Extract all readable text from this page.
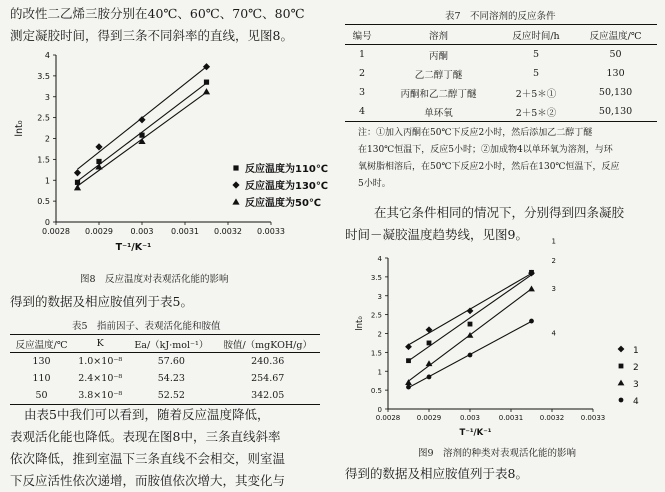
的改性二乙烯三胺分别在40℃、60℃、70℃、80℃
测定凝胶时间，得到三条不同斜率的直线，见图8。
0
0.5
1
1.5
2
2.5
3
3.5
4
0.0028 0.0029 0.003 0.0031 0.0032 0.0033
T⁻¹/K⁻¹
lnt₀
反应温度为110℃
反应温度为130℃
反应温度为50℃
图8　反应温度对表观活化能的影响
得到的数据及相应胺值列于表5。
表5　指前因子、表观活化能和胺值
反应温度/℃	K	Ea/（kJ·mol⁻¹）	胺值/（mgKOH/g）
130	1.0×10⁻⁸	57.60	240.36
110	2.4×10⁻⁸	54.23	254.67
50	3.8×10⁻⁸	52.52	342.05
由表5中我们可以看到，随着反应温度降低，
表观活化能也降低。表现在图8中，三条直线斜率
依次降低，推到室温下三条直线不会相交，则室温
下反应活性依次递增，而胺值依次增大，其变化与
表7　不同溶剂的反应条件
编号	溶剂	反应时间/h	反应温度/℃
1	丙酮	5	50
2	乙二醇丁醚	5	130
3	丙酮和乙二醇丁醚	2＋5＊①	50,130
4	单环氧	2＋5＊②	50,130
注：①加入丙酮在50℃下反应2小时，然后添加乙二醇丁醚
在130℃恒温下，反应5小时；②加成物4以单环氧为溶剂，与环
氧树脂相溶后，在50℃下反应2小时，然后在130℃恒温下，反应
5小时。
在其它条件相同的情况下，分别得到四条凝胶
时间－凝胶温度趋势线，见图9。
0
0.5
1
1.5
2
2.5
3
3.5
4
0.0028 0.0029	0.003	0.0031 0.0032 0.0033
T⁻¹/K⁻¹
lnt₀
1
2
3
4
1
2
3
4
图9　溶剂的种类对表观活化能的影响
得到的数据及相应胺值列于表8。
